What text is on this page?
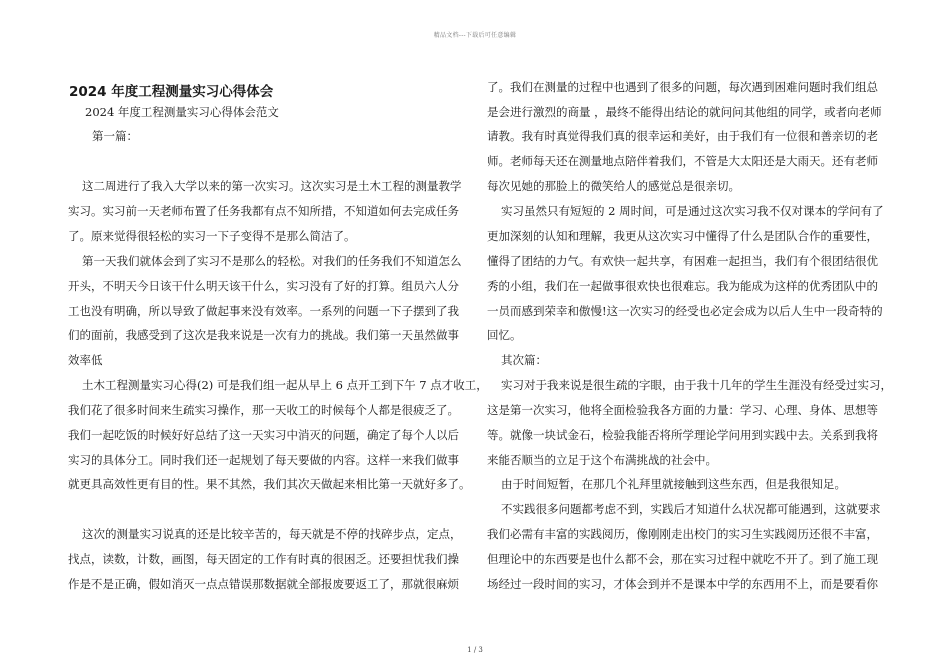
精品文档---下载后可任意编辑
2024 年度工程测量实习心得体会
2024 年度工程测量实习心得体会范文
第一篇：
这二周进行了我入大学以来的第一次实习。这次实习是土木工程的测量教学
实习。实习前一天老师布置了任务我都有点不知所措，不知道如何去完成任务
了。原来觉得很轻松的实习一下子变得不是那么简洁了。
第一天我们就体会到了实习不是那么的轻松。对我们的任务我们不知道怎么
开头，不明天今日该干什么明天该干什么，实习没有了好的打算。组员六人分
工也没有明确，所以导致了做起事来没有效率。一系列的问题一下子摆到了我
们的面前，我感受到了这次是我来说是一次有力的挑战。我们第一天虽然做事
效率低
土木工程测量实习心得(2) 可是我们组一起从早上 6 点开工到下午 7 点才收工，
我们花了很多时间来生疏实习操作，那一天收工的时候每个人都是很疲乏了。
我们一起吃饭的时候好好总结了这一天实习中消灭的问题，确定了每个人以后
实习的具体分工。同时我们还一起规划了每天要做的内容。这样一来我们做事
就更具高效性更有目的性。果不其然，我们其次天做起来相比第一天就好多了。
这次的测量实习说真的还是比较辛苦的，每天就是不停的找碎步点，定点，
找点，读数，计数，画图，每天固定的工作有时真的很困乏。还要担忧我们操
作是不是正确，假如消灭一点点错误那数据就全部报废要返工了，那就很麻烦
了。我们在测量的过程中也遇到了很多的问题，每次遇到困难问题时我们组总
是会进行激烈的商量 ，最终不能得出结论的就问问其他组的同学，或者向老师
请教。我有时真觉得我们真的很幸运和美好，由于我们有一位很和善亲切的老
师。老师每天还在测量地点陪伴着我们，不管是大太阳还是大雨天。还有老师
每次见她的那脸上的微笑给人的感觉总是很亲切。
实习虽然只有短短的 2 周时间，可是通过这次实习我不仅对课本的学问有了
更加深刻的认知和理解，我更从这次实习中懂得了什么是团队合作的重要性，
懂得了团结的力气。有欢快一起共享，有困难一起担当，我们有个很团结很优
秀的小组，我们在一起做事很欢快也很难忘。我为能成为这样的优秀团队中的
一员而感到荣幸和傲慢!这一次实习的经受也必定会成为以后人生中一段奇特的
回忆。
其次篇：
实习对于我来说是很生疏的字眼，由于我十几年的学生生涯没有经受过实习，
这是第一次实习，他将全面检验我各方面的力量：学习、心理、身体、思想等
等。就像一块试金石，检验我能否将所学理论学问用到实践中去。关系到我将
来能否顺当的立足于这个布满挑战的社会中。
由于时间短暂，在那几个礼拜里就接触到这些东西，但是我很知足。
不实践很多问题都考虑不到，实践后才知道什么状况都可能遇到，这就要求
我们必需有丰富的实践阅历，像刚刚走出校门的实习生实践阅历还很不丰富，
但理论中的东西要是也什么都不会，那在实习过程中就吃不开了。到了施工现
场经过一段时间的实习，才体会到并不是课本中学的东西用不上，而是要看你
1 / 3
